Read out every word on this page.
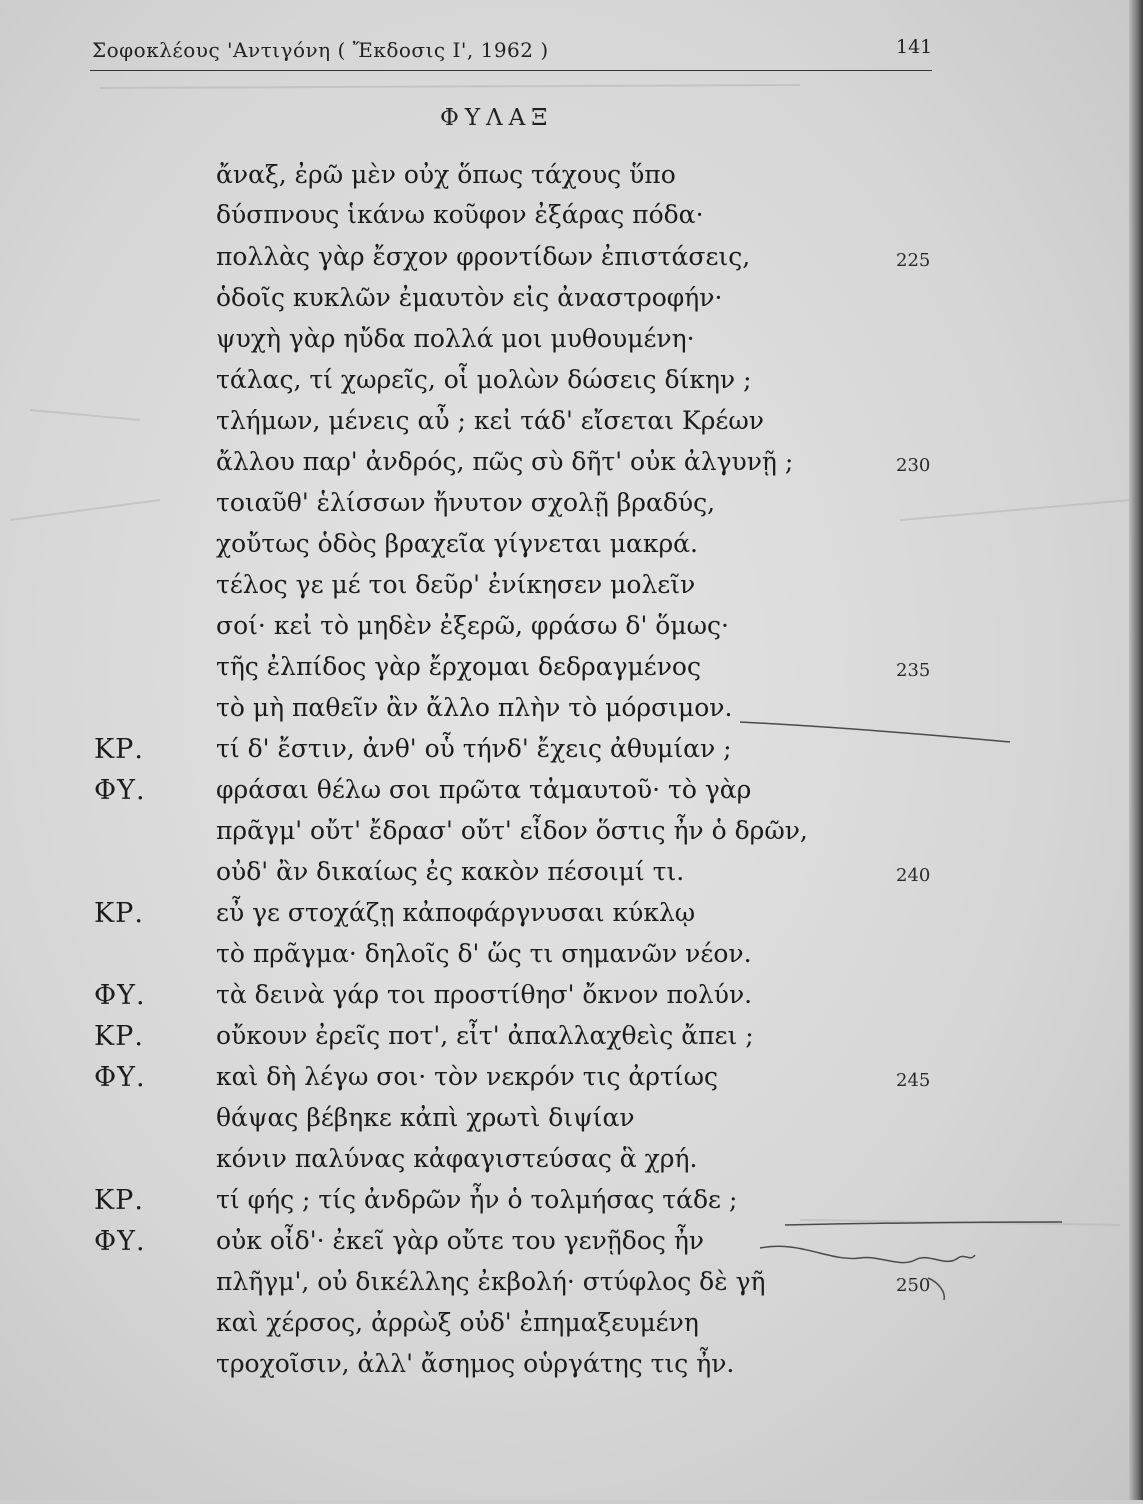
Σοφοκλέους 'Αντιγόνη ( Ἔκδοσις Ι', 1962 )	141
ΦΥΛΑΞ
ἄναξ, ἐρῶ μὲν οὐχ ὅπως τάχους ὕπο
δύσπνους ἱκάνω κοῦφον ἐξάρας πόδα·
πολλὰς γὰρ ἔσχον φροντίδων ἐπιστάσεις,	225
ὁδοῖς κυκλῶν ἐμαυτὸν εἰς ἀναστροφήν·
ψυχὴ γὰρ ηὔδα πολλά μοι μυθουμένη·
τάλας, τί χωρεῖς, οἷ μολὼν δώσεις δίκην ;
τλήμων, μένεις αὖ ; κεἰ τάδ' εἴσεται Κρέων
ἄλλου παρ' ἀνδρός, πῶς σὺ δῆτ' οὐκ ἀλγυνῇ ;	230
τοιαῦθ' ἑλίσσων ἤνυτον σχολῇ βραδύς,
χοὔτως ὁδὸς βραχεῖα γίγνεται μακρά.
τέλος γε μέ τοι δεῦρ' ἐνίκησεν μολεῖν
σοί· κεἰ τὸ μηδὲν ἐξερῶ, φράσω δ' ὅμως·
τῆς ἐλπίδος γὰρ ἔρχομαι δεδραγμένος	235
τὸ μὴ παθεῖν ἂν ἄλλο πλὴν τὸ μόρσιμον.
ΚΡ.	τί δ' ἔστιν, ἀνθ' οὗ τήνδ' ἔχεις ἀθυμίαν ;
ΦΥ.	φράσαι θέλω σοι πρῶτα τἀμαυτοῦ· τὸ γὰρ
πρᾶγμ' οὔτ' ἔδρασ' οὔτ' εἶδον ὅστις ἦν ὁ δρῶν,
οὐδ' ἂν δικαίως ἐς κακὸν πέσοιμί τι.	240
ΚΡ.	εὖ γε στοχάζῃ κἀποφάργνυσαι κύκλῳ
τὸ πρᾶγμα· δηλοῖς δ' ὥς τι σημανῶν νέον.
ΦΥ.	τὰ δεινὰ γάρ τοι προστίθησ' ὄκνον πολύν.
ΚΡ.	οὔκουν ἐρεῖς ποτ', εἶτ' ἀπαλλαχθεὶς ἄπει ;
ΦΥ.	καὶ δὴ λέγω σοι· τὸν νεκρόν τις ἀρτίως	245
θάψας βέβηκε κἀπὶ χρωτὶ διψίαν
κόνιν παλύνας κἀφαγιστεύσας ἃ χρή.
ΚΡ.	τί φής ; τίς ἀνδρῶν ἦν ὁ τολμήσας τάδε ;
ΦΥ.	οὐκ οἶδ'· ἐκεῖ γὰρ οὔτε του γενῇδος ἦν
πλῆγμ', οὐ δικέλλης ἐκβολή· στύφλος δὲ γῆ	250
καὶ χέρσος, ἀρρὼξ οὐδ' ἐπημαξευμένη
τροχοῖσιν, ἀλλ' ἄσημος οὑργάτης τις ἦν.
